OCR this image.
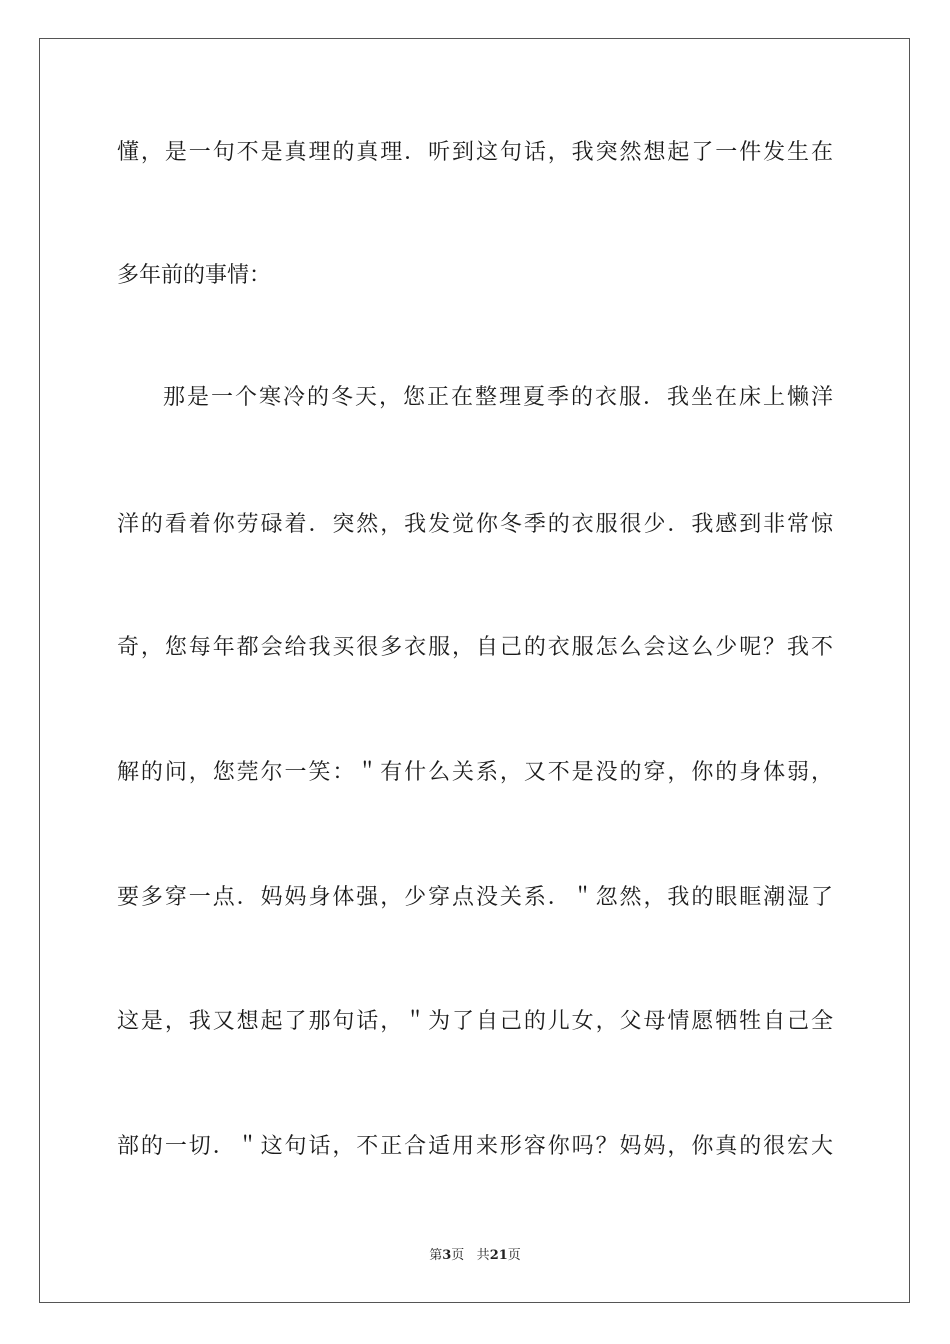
懂，是一句不是真理的真理．听到这句话，我突然想起了一件发生在
多年前的事情：
那是一个寒冷的冬天，您正在整理夏季的衣服．我坐在床上懒洋
洋的看着你劳碌着．突然，我发觉你冬季的衣服很少．我感到非常惊
奇，您每年都会给我买很多衣服，自己的衣服怎么会这么少呢？我不
解的问，您莞尔一笑：＂有什么关系，又不是没的穿，你的身体弱，
要多穿一点．妈妈身体强，少穿点没关系．＂忽然，我的眼眶潮湿了
这是，我又想起了那句话，＂为了自己的儿女，父母情愿牺牲自己全
部的一切．＂这句话，不正合适用来形容你吗？妈妈，你真的很宏大
第3页 共21页
